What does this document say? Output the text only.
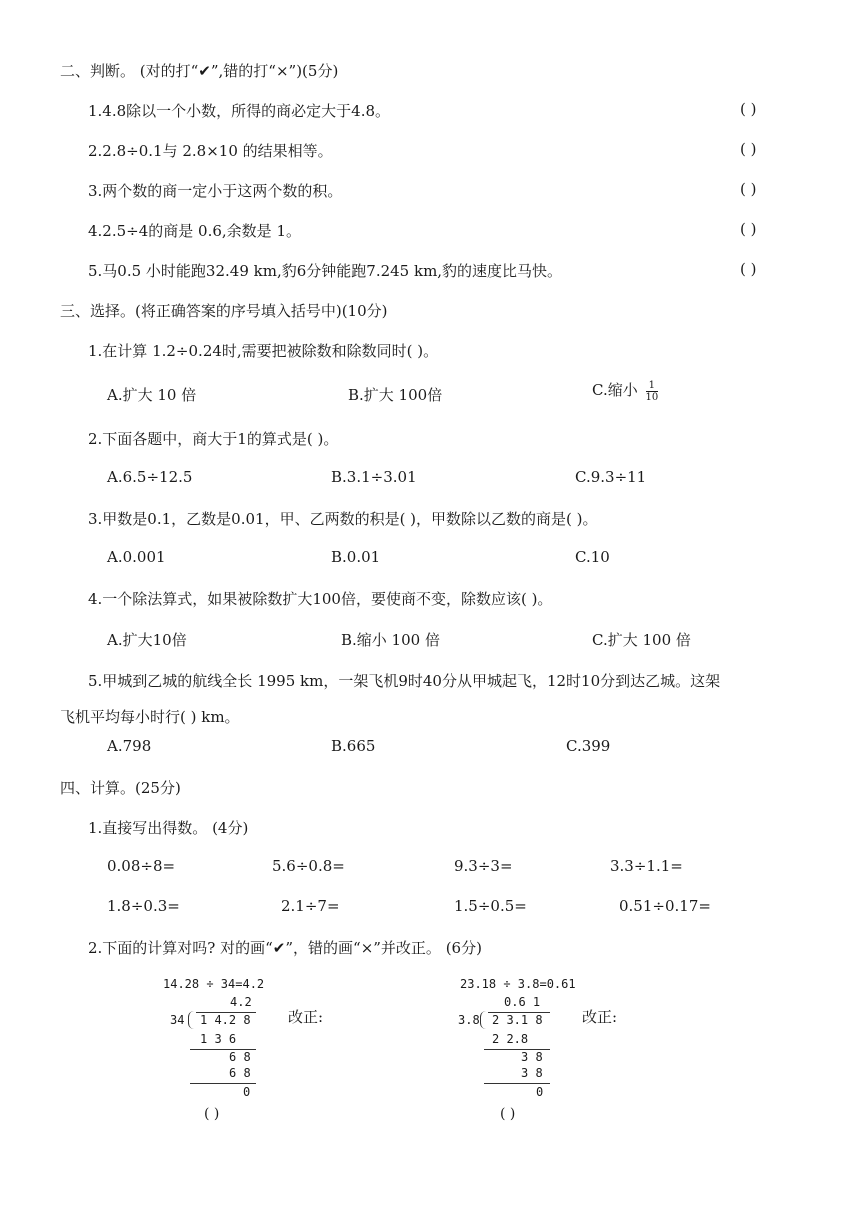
二、判断。 (对的打“✔”,错的打“×”)(5分)
1.4.8除以一个小数，所得的商必定大于4.8。	( )
2.2.8÷0.1与 2.8×10 的结果相等。	( )
3.两个数的商一定小于这两个数的积。	( )
4.2.5÷4的商是 0.6,余数是 1。	( )
5.马0.5 小时能跑32.49 km,豹6分钟能跑7.245 km,豹的速度比马快。	( )
三、选择。(将正确答案的序号填入括号中)(10分)
1.在计算 1.2÷0.24时,需要把被除数和除数同时( )。
A.扩大 10 倍	B.扩大 100倍	C.缩小 $\frac{1}{10}$
2.下面各题中，商大于1的算式是( )。
A.6.5÷12.5	B.3.1÷3.01	C.9.3÷11
3.甲数是0.1，乙数是0.01，甲、乙两数的积是( )，甲数除以乙数的商是( )。
A.0.001	B.0.01	C.10
4.一个除法算式，如果被除数扩大100倍，要使商不变，除数应该( )。
A.扩大10倍	B.缩小 100 倍	C.扩大 100 倍
5.甲城到乙城的航线全长 1995 km，一架飞机9时40分从甲城起飞，12时10分到达乙城。这架
飞机平均每小时行( ) km。
A.798	B.665	C.399
四、计算。(25分)
1.直接写出得数。 (4分)
0.08÷8=	5.6÷0.8=	9.3÷3=	3.3÷1.1=
1.8÷0.3=	2.1÷7=	1.5÷0.5=	0.51÷0.17=
2.下面的计算对吗? 对的画“✔”，错的画“×”并改正。 (6分)
14.28 ÷ 34=4.2
4.2
34 1 4.2 8
1 3 6
6 8
6 8
0
( )
改正:
23.18 ÷ 3.8=0.61
0.6 1
3.8 2 3.1 8
2 2.8
3 8
3 8
0
( )
改正:
